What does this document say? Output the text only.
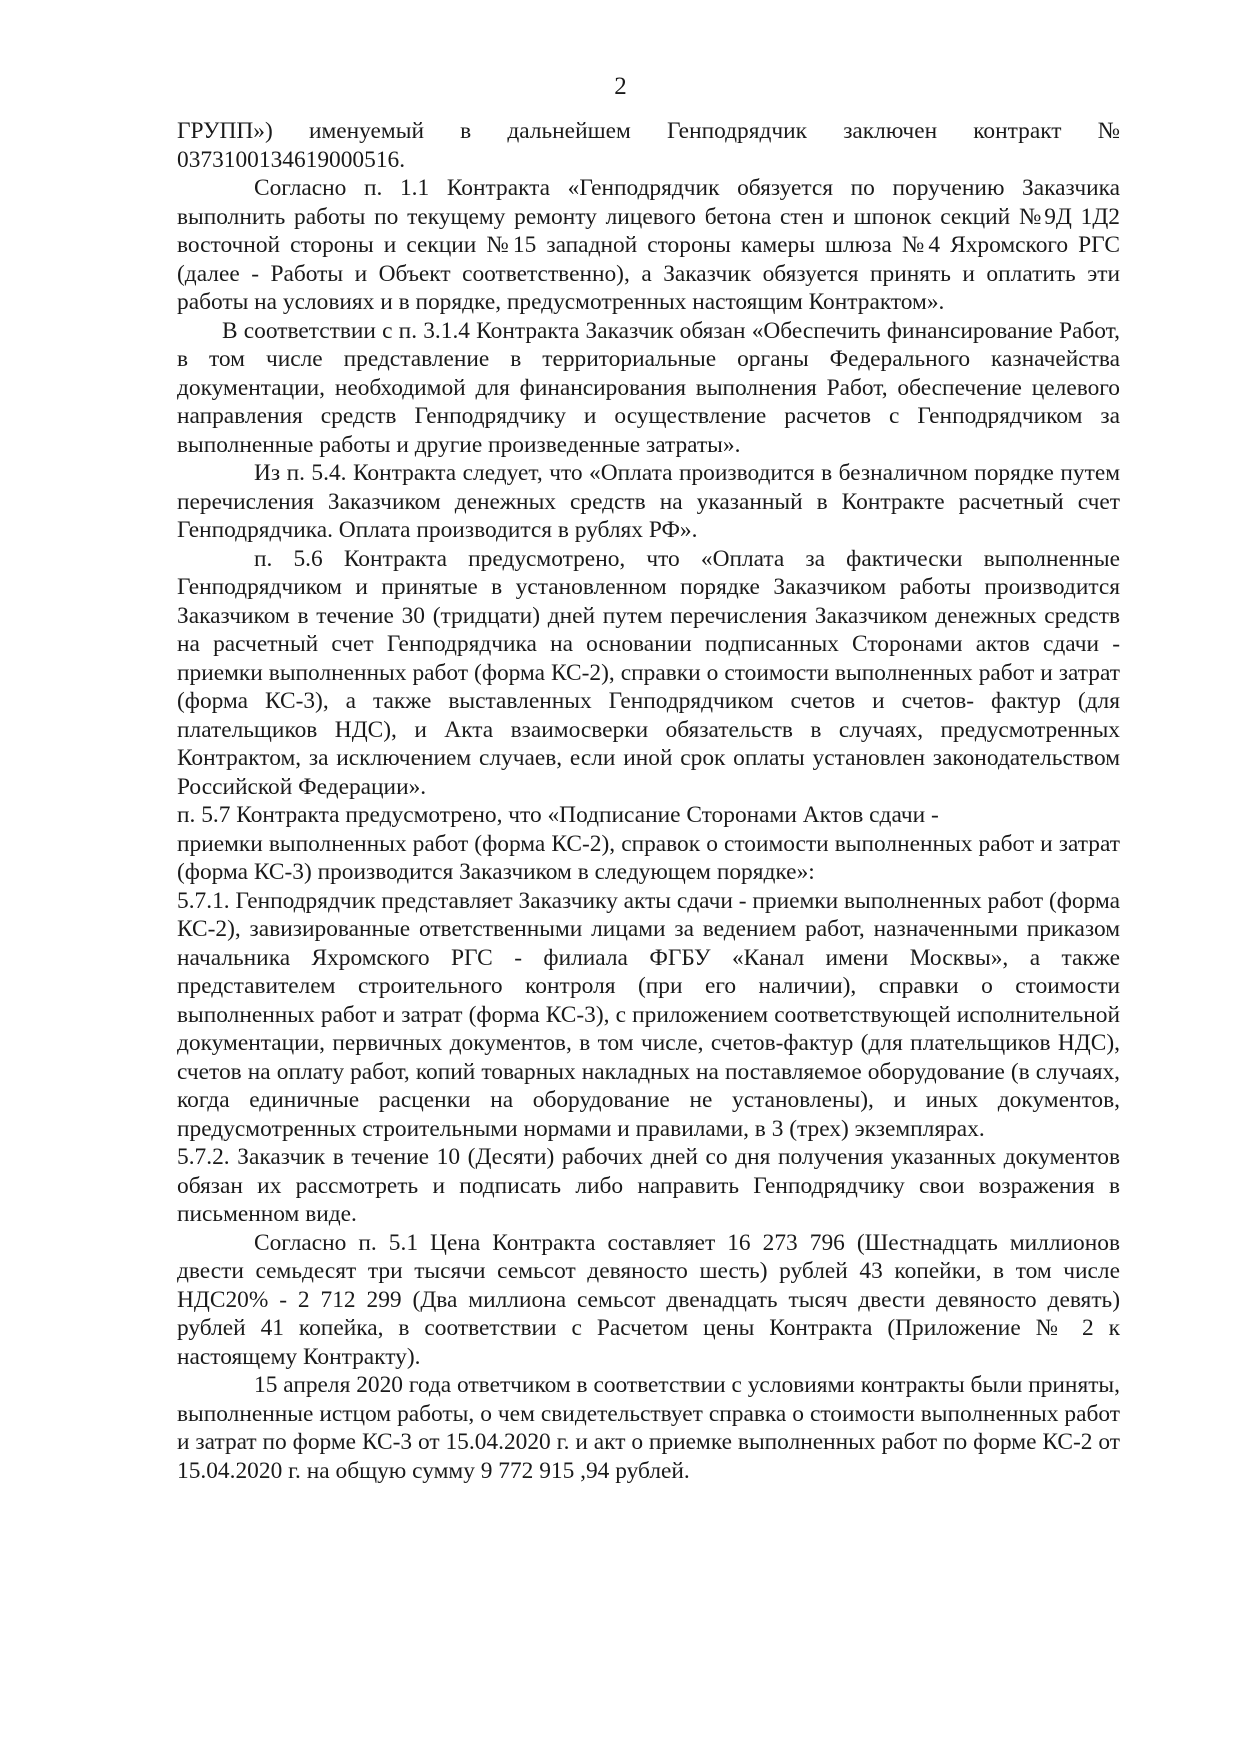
2

ГРУПП») именуемый в дальнейшем Генподрядчик заключен контракт № 0373100134619000516.

Согласно п. 1.1 Контракта «Генподрядчик обязуется по поручению Заказчика выполнить работы по текущему ремонту лицевого бетона стен и шпонок секций №9Д 1Д2 восточной стороны и секции №15 западной стороны камеры шлюза №4 Яхромского РГС (далее - Работы и Объект соответственно), а Заказчик обязуется принять и оплатить эти работы на условиях и в порядке, предусмотренных настоящим Контрактом».

В соответствии с п. 3.1.4 Контракта Заказчик обязан «Обеспечить финансирование Работ, в том числе представление в территориальные органы Федерального казначейства документации, необходимой для финансирования выполнения Работ, обеспечение целевого направления средств Генподрядчику и осуществление расчетов с Генподрядчиком за выполненные работы и другие произведенные затраты».

Из п. 5.4. Контракта следует, что «Оплата производится в безналичном порядке путем перечисления Заказчиком денежных средств на указанный в Контракте расчетный счет Генподрядчика. Оплата производится в рублях РФ».

п. 5.6 Контракта предусмотрено, что «Оплата за фактически выполненные Генподрядчиком и принятые в установленном порядке Заказчиком работы производится Заказчиком в течение 30 (тридцати) дней путем перечисления Заказчиком денежных средств на расчетный счет Генподрядчика на основании подписанных Сторонами актов сдачи - приемки выполненных работ (форма КС-2), справки о стоимости выполненных работ и затрат (форма КС-3), а также выставленных Генподрядчиком счетов и счетов- фактур (для плательщиков НДС), и Акта взаимосверки обязательств в случаях, предусмотренных Контрактом, за исключением случаев, если иной срок оплаты установлен законодательством Российской Федерации».

п. 5.7 Контракта предусмотрено, что «Подписание Сторонами Актов сдачи -

приемки выполненных работ (форма КС-2), справок о стоимости выполненных работ и затрат (форма КС-3) производится Заказчиком в следующем порядке»:

5.7.1. Генподрядчик представляет Заказчику акты сдачи - приемки выполненных работ (форма КС-2), завизированные ответственными лицами за ведением работ, назначенными приказом начальника Яхромского РГС - филиала ФГБУ «Канал имени Москвы», а также представителем строительного контроля (при его наличии), справки о стоимости выполненных работ и затрат (форма КС-3), с приложением соответствующей исполнительной документации, первичных документов, в том числе, счетов-фактур (для плательщиков НДС), счетов на оплату работ, копий товарных накладных на поставляемое оборудование (в случаях, когда единичные расценки на оборудование не установлены), и иных документов, предусмотренных строительными нормами и правилами, в 3 (трех) экземплярах.

5.7.2. Заказчик в течение 10 (Десяти) рабочих дней со дня получения указанных документов обязан их рассмотреть и подписать либо направить Генподрядчику свои возражения в письменном виде.

Согласно п. 5.1 Цена Контракта составляет 16 273 796 (Шестнадцать миллионов двести семьдесят три тысячи семьсот девяносто шесть) рублей 43 копейки, в том числе НДС20% - 2 712 299 (Два миллиона семьсот двенадцать тысяч двести девяносто девять) рублей 41 копейка, в соответствии с Расчетом цены Контракта (Приложение № 2 к настоящему Контракту).

15 апреля 2020 года ответчиком в соответствии с условиями контракты были приняты, выполненные истцом работы, о чем свидетельствует справка о стоимости выполненных работ и затрат по форме КС-3 от 15.04.2020 г. и акт о приемке выполненных работ по форме КС-2 от 15.04.2020 г. на общую сумму 9 772 915 ,94 рублей.
